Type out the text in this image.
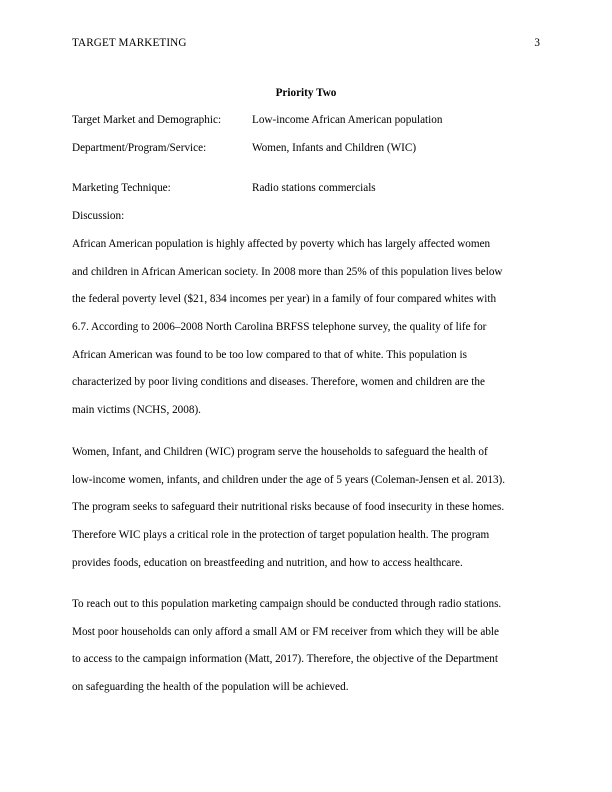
TARGET MARKETING	3
Priority Two
Target Market and Demographic:	Low-income African American population
Department/Program/Service:	Women, Infants and Children (WIC)
Marketing Technique:	Radio stations commercials
Discussion:
African American population is highly affected by poverty which has largely affected women
and children in African American society. In 2008 more than 25% of this population lives below
the federal poverty level ($21, 834 incomes per year) in a family of four compared whites with
6.7. According to 2006–2008 North Carolina BRFSS telephone survey, the quality of life for
African American was found to be too low compared to that of white. This population is
characterized by poor living conditions and diseases. Therefore, women and children are the
main victims (NCHS, 2008).
Women, Infant, and Children (WIC) program serve the households to safeguard the health of
low-income women, infants, and children under the age of 5 years (Coleman-Jensen et al. 2013).
The program seeks to safeguard their nutritional risks because of food insecurity in these homes.
Therefore WIC plays a critical role in the protection of target population health. The program
provides foods, education on breastfeeding and nutrition, and how to access healthcare.
To reach out to this population marketing campaign should be conducted through radio stations.
Most poor households can only afford a small AM or FM receiver from which they will be able
to access to the campaign information (Matt, 2017). Therefore, the objective of the Department
on safeguarding the health of the population will be achieved.
